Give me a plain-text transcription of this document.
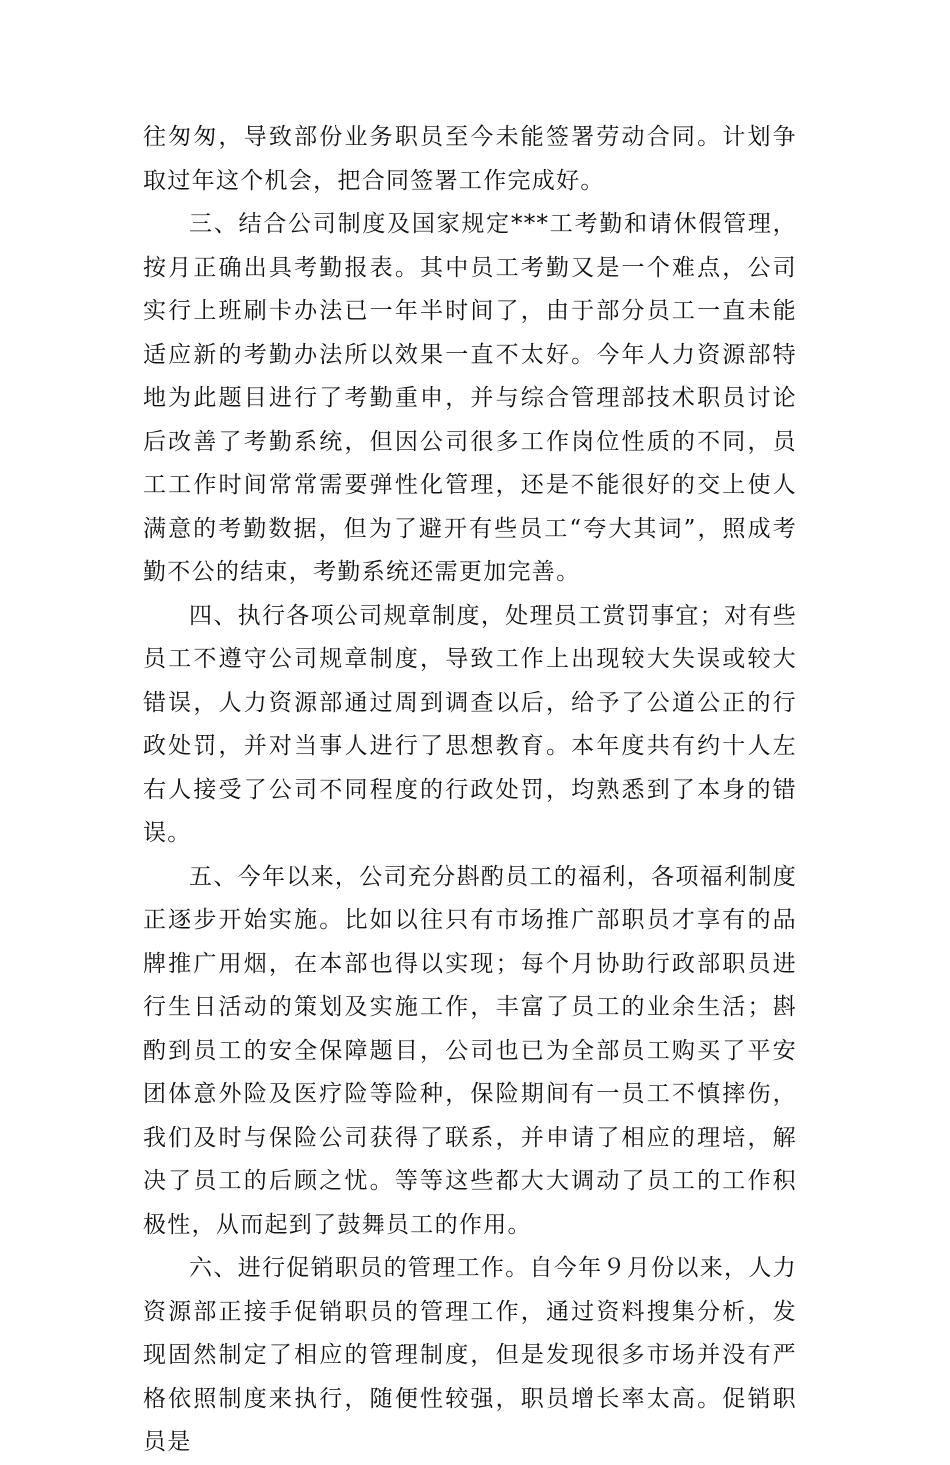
往匆匆，导致部份业务职员至今未能签署劳动合同。计划争取过年这个机会，把合同签署工作完成好。

三、结合公司制度及国家规定***工考勤和请休假管理，按月正确出具考勤报表。其中员工考勤又是一个难点，公司实行上班刷卡办法已一年半时间了，由于部分员工一直未能适应新的考勤办法所以效果一直不太好。今年人力资源部特地为此题目进行了考勤重申，并与综合管理部技术职员讨论后改善了考勤系统，但因公司很多工作岗位性质的不同，员工工作时间常常需要弹性化管理，还是不能很好的交上使人满意的考勤数据，但为了避开有些员工“夸大其词”，照成考勤不公的结束，考勤系统还需更加完善。

四、执行各项公司规章制度，处理员工赏罚事宜；对有些员工不遵守公司规章制度，导致工作上出现较大失误或较大错误，人力资源部通过周到调查以后，给予了公道公正的行政处罚，并对当事人进行了思想教育。本年度共有约十人左右人接受了公司不同程度的行政处罚，均熟悉到了本身的错误。

五、今年以来，公司充分斟酌员工的福利，各项福利制度正逐步开始实施。比如以往只有市场推广部职员才享有的品牌推广用烟，在本部也得以实现；每个月协助行政部职员进行生日活动的策划及实施工作，丰富了员工的业余生活；斟酌到员工的安全保障题目，公司也已为全部员工购买了平安团体意外险及医疗险等险种，保险期间有一员工不慎摔伤，我们及时与保险公司获得了联系，并申请了相应的理培，解决了员工的后顾之忧。等等这些都大大调动了员工的工作积极性，从而起到了鼓舞员工的作用。

六、进行促销职员的管理工作。自今年９月份以来，人力资源部正接手促销职员的管理工作，通过资料搜集分析，发现固然制定了相应的管理制度，但是发现很多市场并没有严格依照制度来执行，随便性较强，职员增长率太高。促销职员是
